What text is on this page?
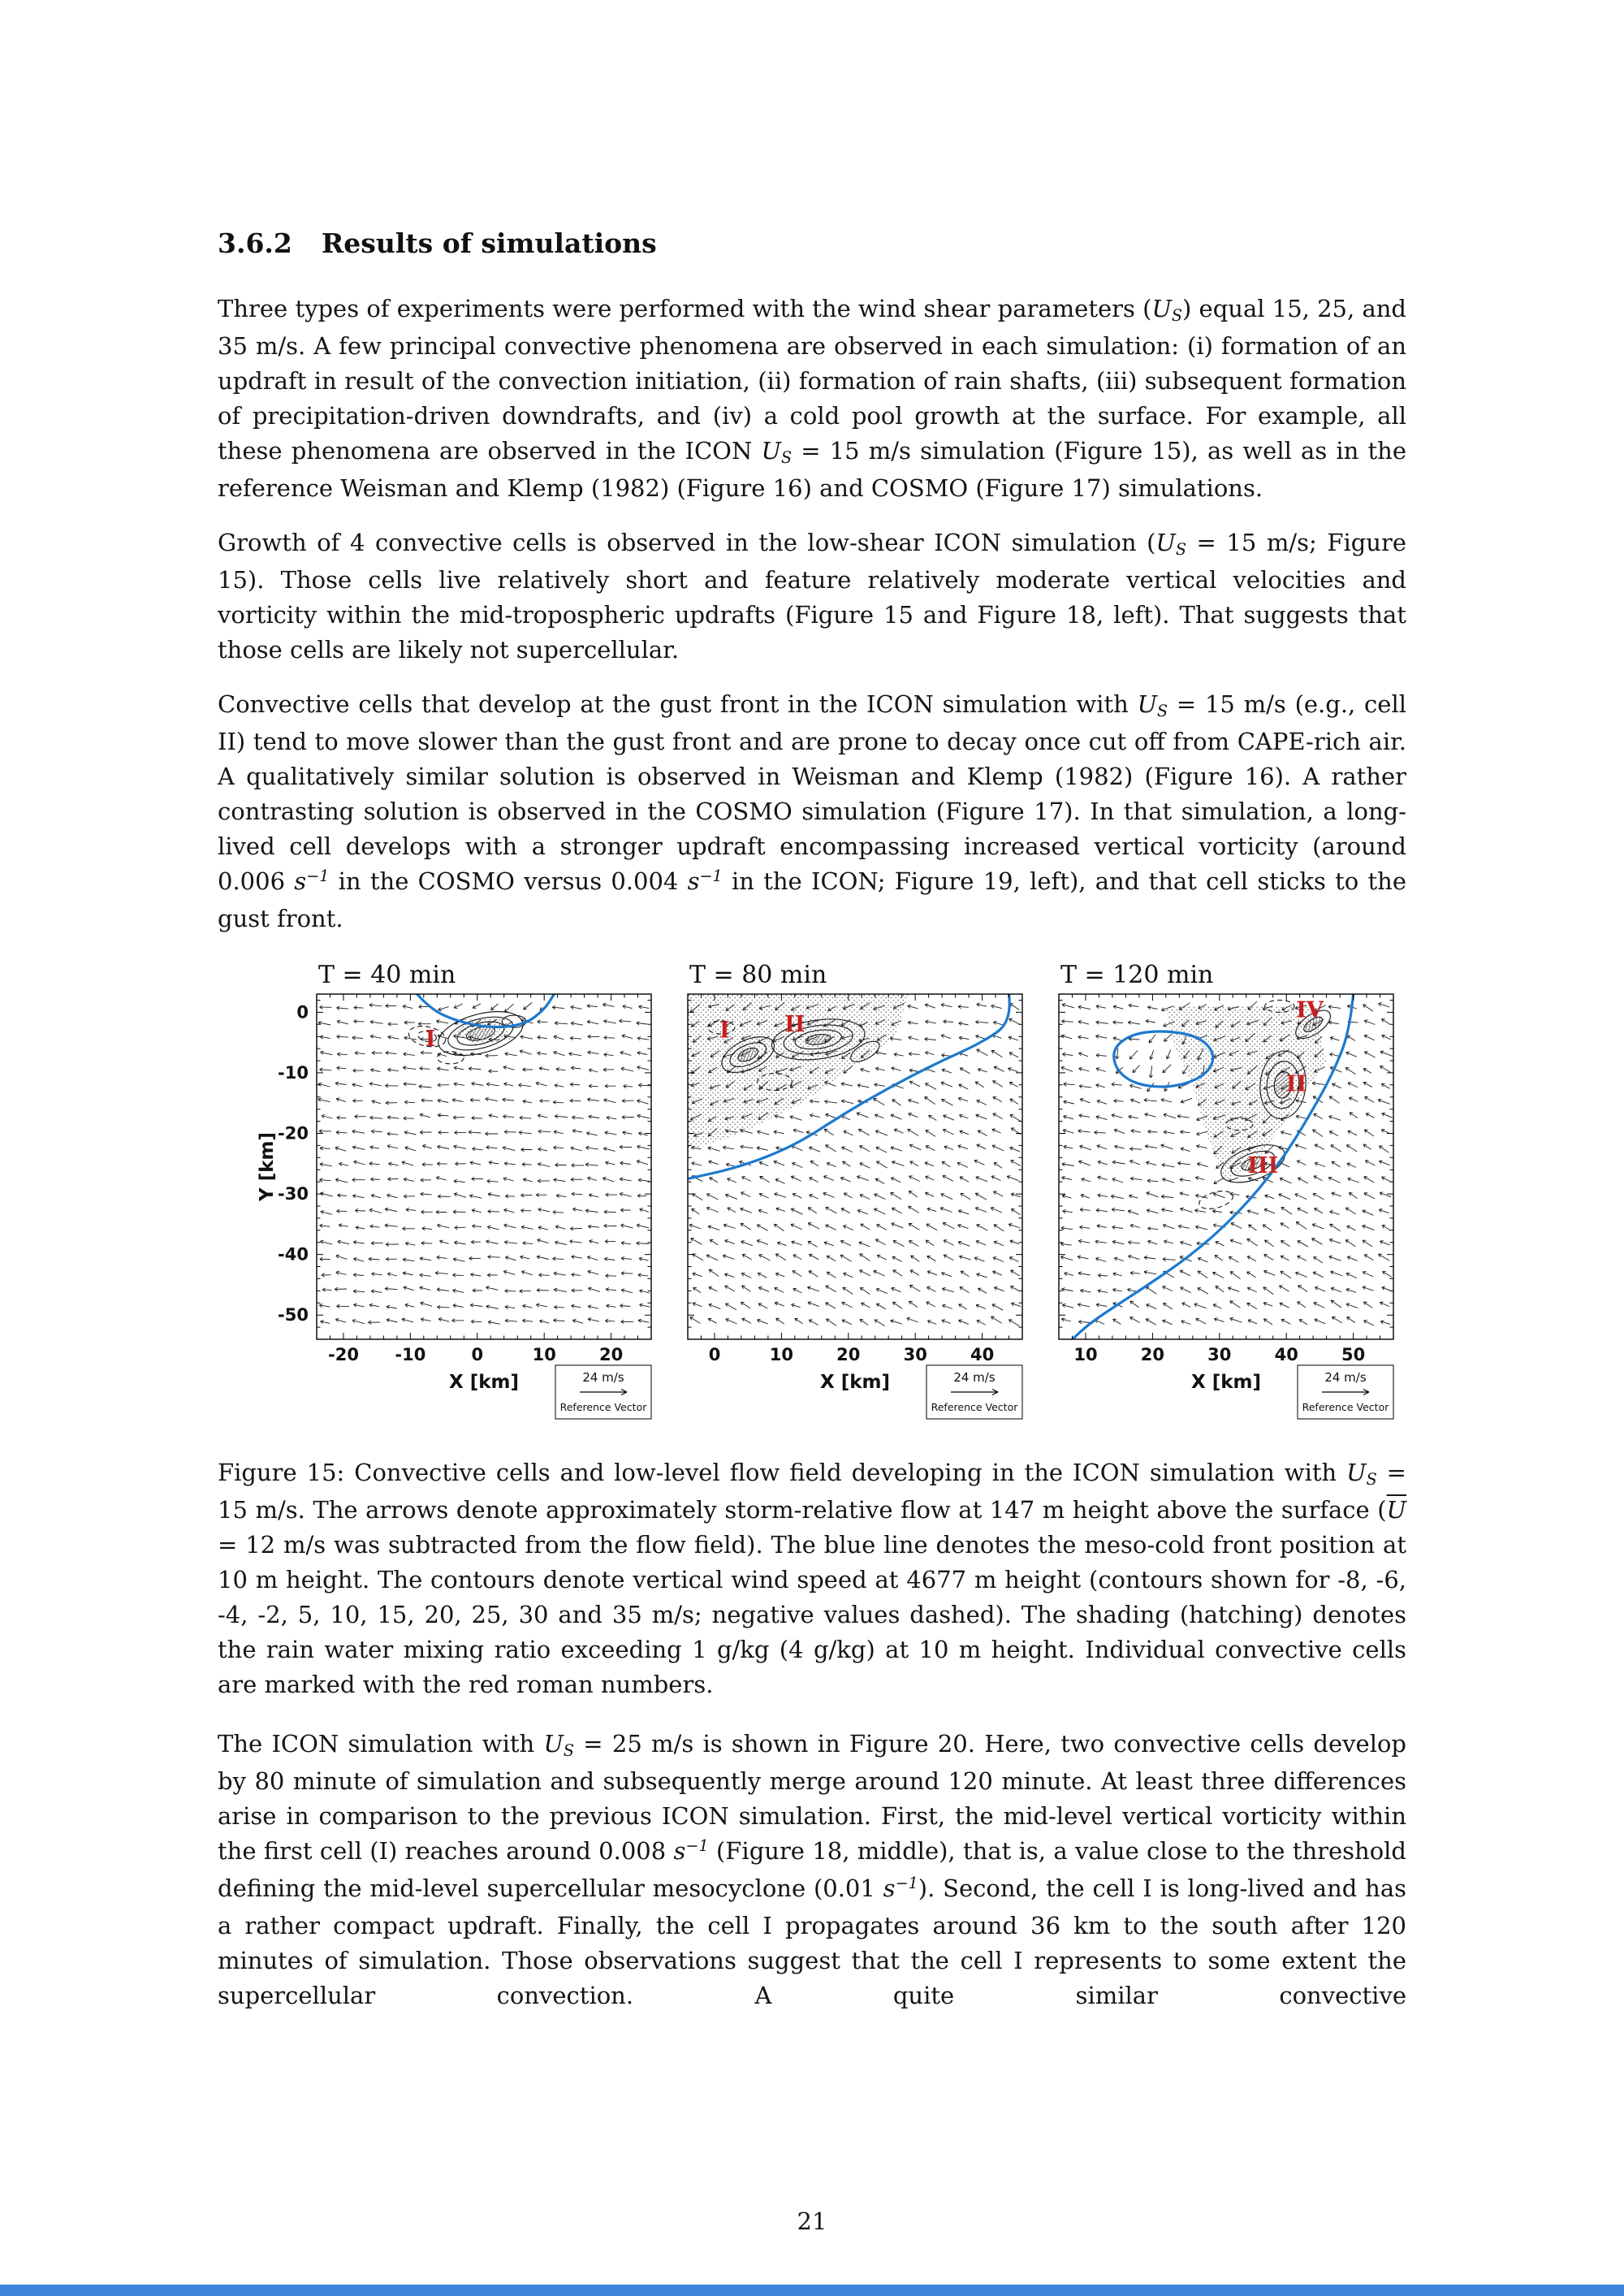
3.6.2 Results of simulations

Three types of experiments were performed with the wind shear parameters $(U_S)$ equal 15, 25, and 35 m/s. A few principal convective phenomena are observed in each simulation: (i) formation of an updraft in result of the convection initiation, (ii) formation of rain shafts, (iii) subsequent formation of precipitation-driven downdrafts, and (iv) a cold pool growth at the surface. For example, all these phenomena are observed in the ICON $U_S = 15$ m/s simulation (Figure 15), as well as in the reference Weisman and Klemp (1982) (Figure 16) and COSMO (Figure 17) simulations.

Growth of 4 convective cells is observed in the low-shear ICON simulation ($U_S = 15$ m/s; Figure 15). Those cells live relatively short and feature relatively moderate vertical velocities and vorticity within the mid-tropospheric updrafts (Figure 15 and Figure 18, left). That suggests that those cells are likely not supercellular.

Convective cells that develop at the gust front in the ICON simulation with $U_S = 15$ m/s (e.g., cell II) tend to move slower than the gust front and are prone to decay once cut off from CAPE-rich air. A qualitatively similar solution is observed in Weisman and Klemp (1982) (Figure 16). A rather contrasting solution is observed in the COSMO simulation (Figure 17). In that simulation, a long-lived cell develops with a stronger updraft encompassing increased vertical vorticity (around 0.006 $s^{-1}$ in the COSMO versus 0.004 $s^{-1}$ in the ICON; Figure 19, left), and that cell sticks to the gust front.

I
-20 -10	0	10	20
X [km]
0
-10
-20
-30
-40
-50
Y [km]
T = 40 min
24 m/s
Reference Vector
I	II
0	10	20	30	40
X [km]
T = 80 min
24 m/s
Reference Vector
IV
II
III
10	20	30	40	50
X [km]
T = 120 min
24 m/s
Reference Vector

Figure 15: Convective cells and low-level flow field developing in the ICON simulation with $U_S = 15$ m/s. The arrows denote approximately storm-relative flow at 147 m height above the surface ($\overline{U} = 12$ m/s was subtracted from the flow field). The blue line denotes the meso-cold front position at 10 m height. The contours denote vertical wind speed at 4677 m height (contours shown for -8, -6, -4, -2, 5, 10, 15, 20, 25, 30 and 35 m/s; negative values dashed). The shading (hatching) denotes the rain water mixing ratio exceeding 1 g/kg (4 g/kg) at 10 m height. Individual convective cells are marked with the red roman numbers.

The ICON simulation with $U_S = 25$ m/s is shown in Figure 20. Here, two convective cells develop by 80 minute of simulation and subsequently merge around 120 minute. At least three differences arise in comparison to the previous ICON simulation. First, the mid-level vertical vorticity within the first cell (I) reaches around 0.008 $s^{-1}$ (Figure 18, middle), that is, a value close to the threshold defining the mid-level supercellular mesocyclone (0.01 $s^{-1}$). Second, the cell I is long-lived and has a rather compact updraft. Finally, the cell I propagates around 36 km to the south after 120 minutes of simulation. Those observations suggest that the cell I represents to some extent the supercellular convection. A quite similar convective

21
